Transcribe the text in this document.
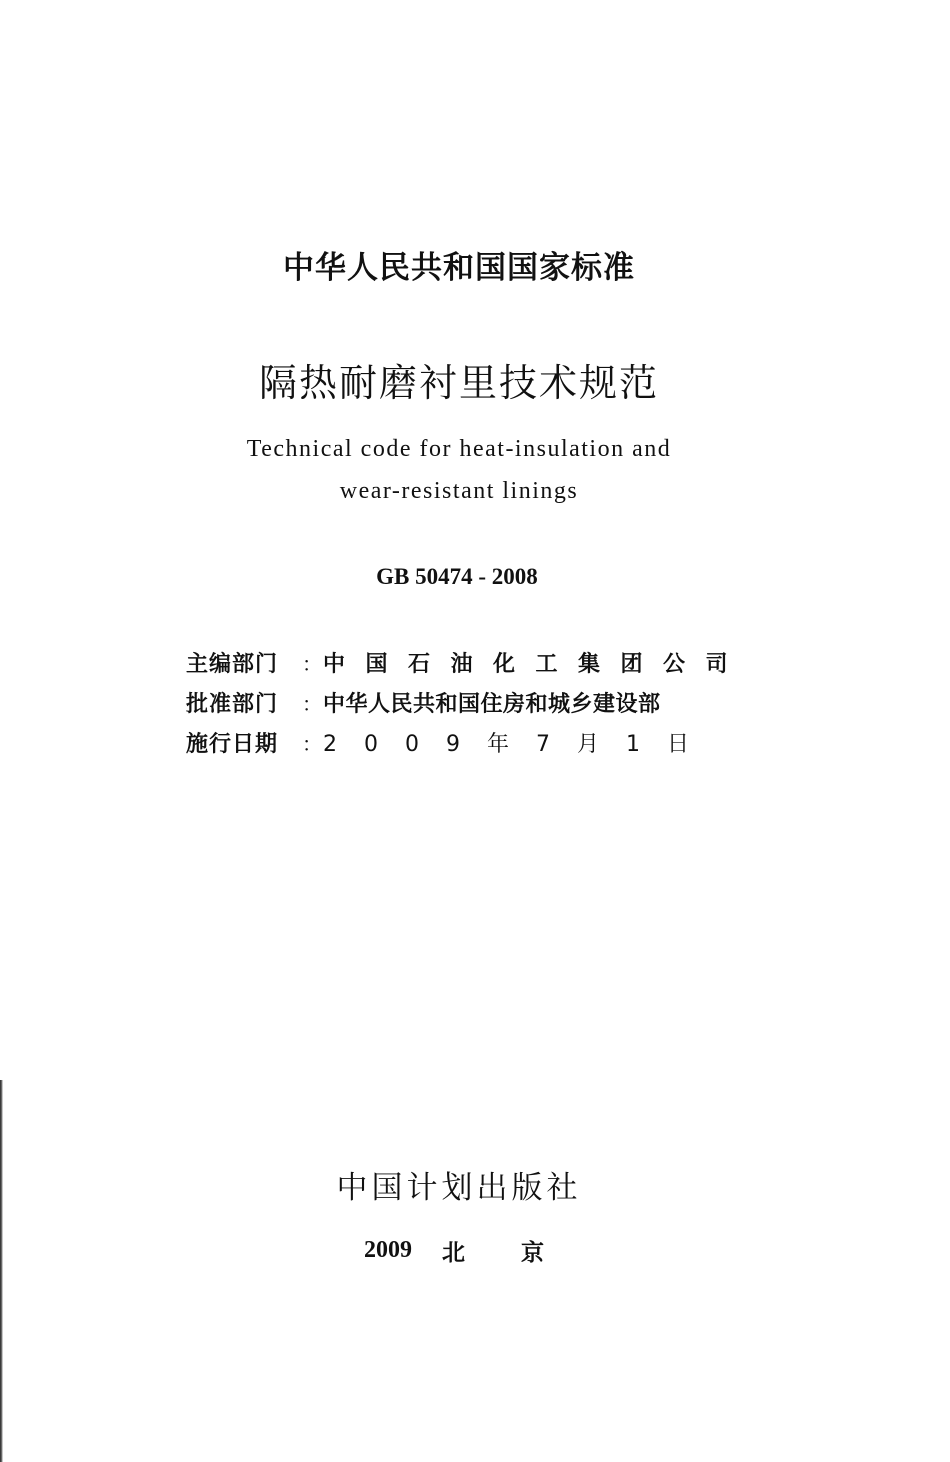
中华人民共和国国家标准
隔热耐磨衬里技术规范
Technical code for heat-insulation and
wear-resistant linings
GB 50474 - 2008
主编部门	： 中国石油化工集团公司
批准部门	： 中华人民共和国住房和城乡建设部
施行日期	： 2009年7月1日
中国计划出版社
2009 北京
